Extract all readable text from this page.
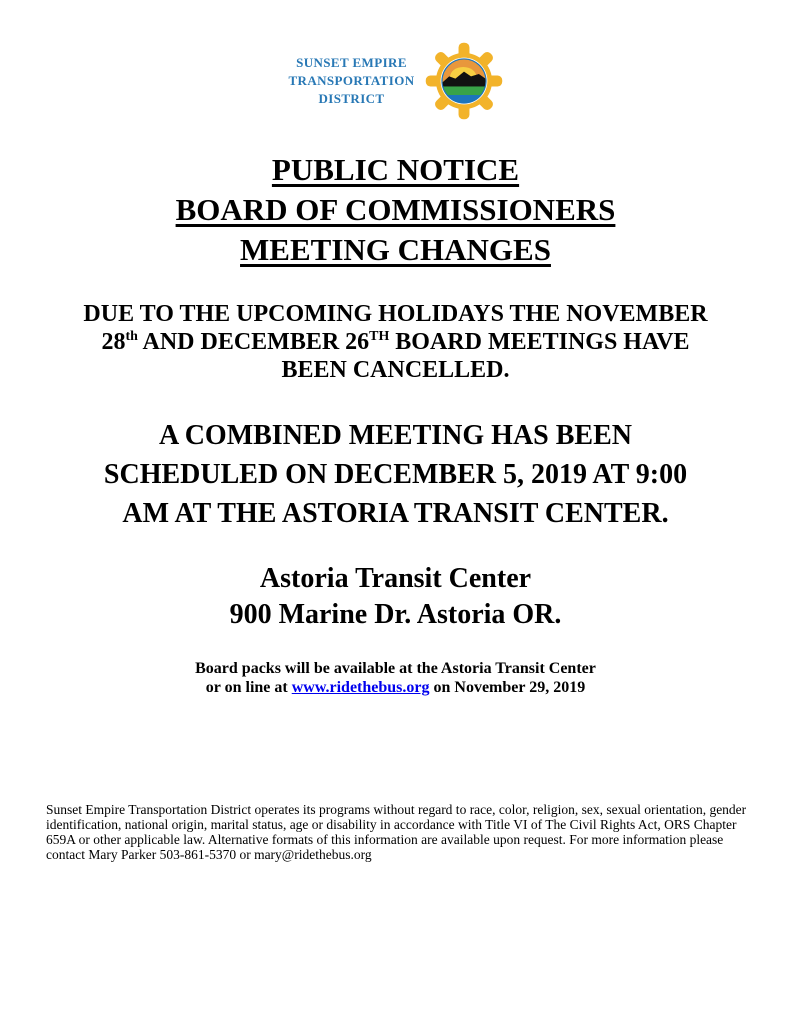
SUNSET EMPIRE
TRANSPORTATION
DISTRICT
PUBLIC NOTICE
BOARD OF COMMISSIONERS
MEETING CHANGES

DUE TO THE UPCOMING HOLIDAYS THE NOVEMBER 28th AND DECEMBER 26TH BOARD MEETINGS HAVE BEEN CANCELLED.

A COMBINED MEETING HAS BEEN SCHEDULED ON DECEMBER 5, 2019 AT 9:00 AM AT THE ASTORIA TRANSIT CENTER.

Astoria Transit Center
900 Marine Dr. Astoria OR.
Board packs will be available at the Astoria Transit Center
or on line at www.ridethebus.org on November 29, 2019

Sunset Empire Transportation District operates its programs without regard to race, color, religion, sex, sexual orientation, gender identification, national origin, marital status, age or disability in accordance with Title VI of The Civil Rights Act, ORS Chapter 659A or other applicable law. Alternative formats of this information are available upon request. For more information please contact Mary Parker 503-861-5370 or mary@ridethebus.org
